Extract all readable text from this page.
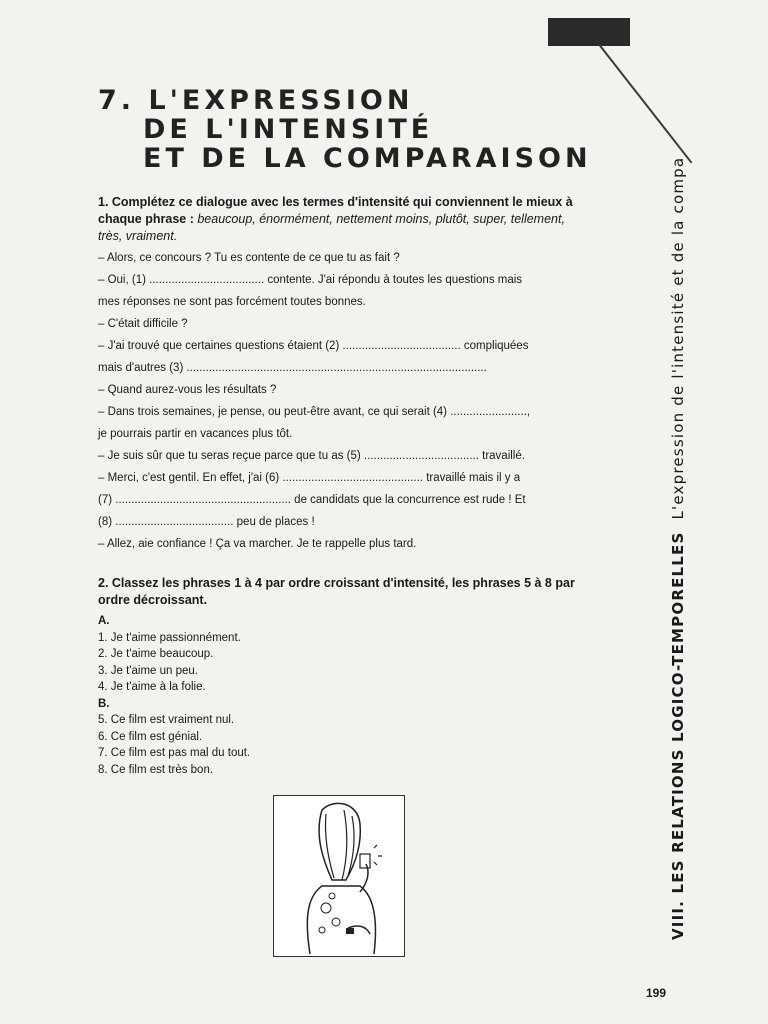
7. L'EXPRESSION
DE L'INTENSITÉ
ET DE LA COMPARAISON

1. Complétez ce dialogue avec les termes d'intensité qui conviennent le mieux à chaque phrase : beaucoup, énormément, nettement moins, plutôt, super, tellement, très, vraiment.

– Alors, ce concours ? Tu es contente de ce que tu as fait ?

– Oui, (1) .................................... contente. J'ai répondu à toutes les questions mais

mes réponses ne sont pas forcément toutes bonnes.

– C'était difficile ?

– J'ai trouvé que certaines questions étaient (2) ..................................... compliquées

mais d'autres (3) ..............................................................................................

– Quand aurez-vous les résultats ?

– Dans trois semaines, je pense, ou peut-être avant, ce qui serait (4) ........................,

je pourrais partir en vacances plus tôt.

– Je suis sûr que tu seras reçue parce que tu as (5) .................................... travaillé.

– Merci, c'est gentil. En effet, j'ai (6) ............................................ travaillé mais il y a

(7) ....................................................... de candidats que la concurrence est rude ! Et

(8) ..................................... peu de places !

– Allez, aie confiance ! Ça va marcher. Je te rappelle plus tard.

2. Classez les phrases 1 à 4 par ordre croissant d'intensité, les phrases 5 à 8 par ordre décroissant.

A.

1. Je t'aime passionnément.

2. Je t'aime beaucoup.

3. Je t'aime un peu.

4. Je t'aime à la folie.

B.

5. Ce film est vraiment nul.

6. Ce film est génial.

7. Ce film est pas mal du tout.

8. Ce film est très bon.	VIII. LES RELATIONS LOGICO-TEMPORELLESL'expression de l'intensité et de la compa
199
